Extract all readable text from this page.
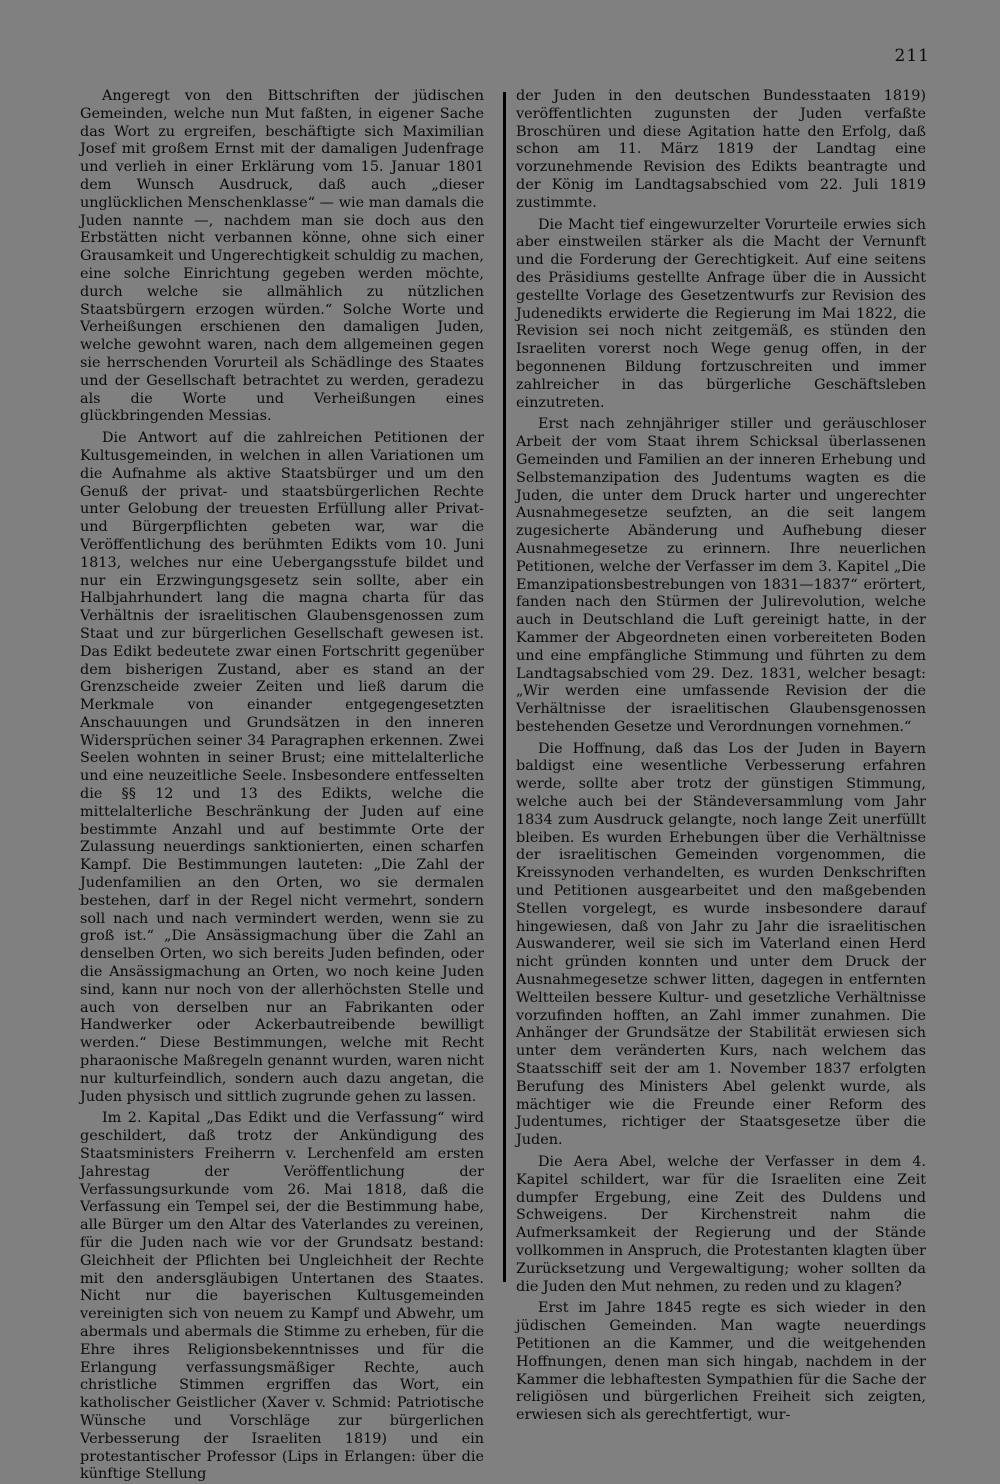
211

Angeregt von den Bittschriften der jüdischen Gemeinden, welche nun Mut faßten, in eigener Sache das Wort zu ergreifen, beschäftigte sich Maximilian Josef mit großem Ernst mit der damaligen Judenfrage und verlieh in einer Erklärung vom 15. Januar 1801 dem Wunsch Ausdruck, daß auch „dieser unglücklichen Menschenklasse“ — wie man damals die Juden nannte —, nachdem man sie doch aus den Erbstätten nicht verbannen könne, ohne sich einer Grausamkeit und Ungerechtigkeit schuldig zu machen, eine solche Einrichtung gegeben werden möchte, durch welche sie allmählich zu nützlichen Staatsbürgern erzogen würden.“ Solche Worte und Verheißungen erschienen den damaligen Juden, welche gewohnt waren, nach dem allgemeinen gegen sie herrschenden Vorurteil als Schädlinge des Staates und der Gesellschaft betrachtet zu werden, geradezu als die Worte und Verheißungen eines glückbringenden Messias.

Die Antwort auf die zahlreichen Petitionen der Kultusgemeinden, in welchen in allen Variationen um die Aufnahme als aktive Staatsbürger und um den Genuß der privat- und staatsbürgerlichen Rechte unter Gelobung der treuesten Erfüllung aller Privat- und Bürgerpflichten gebeten war, war die Veröffentlichung des berühmten Edikts vom 10. Juni 1813, welches nur eine Uebergangsstufe bildet und nur ein Erzwingungsgesetz sein sollte, aber ein Halbjahrhundert lang die magna charta für das Verhältnis der israelitischen Glaubensgenossen zum Staat und zur bürgerlichen Gesellschaft gewesen ist. Das Edikt bedeutete zwar einen Fortschritt gegenüber dem bisherigen Zustand, aber es stand an der Grenzscheide zweier Zeiten und ließ darum die Merkmale von einander entgegengesetzten Anschauungen und Grundsätzen in den inneren Widersprüchen seiner 34 Paragraphen erkennen. Zwei Seelen wohnten in seiner Brust; eine mittelalterliche und eine neuzeitliche Seele. Insbesondere entfesselten die §§ 12 und 13 des Edikts, welche die mittelalterliche Beschränkung der Juden auf eine bestimmte Anzahl und auf bestimmte Orte der Zulassung neuerdings sanktionierten, einen scharfen Kampf. Die Bestimmungen lauteten: „Die Zahl der Judenfamilien an den Orten, wo sie dermalen bestehen, darf in der Regel nicht vermehrt, sondern soll nach und nach vermindert werden, wenn sie zu groß ist.“ „Die Ansässigmachung über die Zahl an denselben Orten, wo sich bereits Juden befinden, oder die Ansässigmachung an Orten, wo noch keine Juden sind, kann nur noch von der allerhöchsten Stelle und auch von derselben nur an Fabrikanten oder Handwerker oder Ackerbautreibende bewilligt werden.“ Diese Bestimmungen, welche mit Recht pharaonische Maßregeln genannt wurden, waren nicht nur kulturfeindlich, sondern auch dazu angetan, die Juden physisch und sittlich zugrunde gehen zu lassen.

Im 2. Kapital „Das Edikt und die Verfassung“ wird geschildert, daß trotz der Ankündigung des Staatsministers Freiherrn v. Lerchenfeld am ersten Jahrestag der Veröffentlichung der Verfassungsurkunde vom 26. Mai 1818, daß die Verfassung ein Tempel sei, der die Bestimmung habe, alle Bürger um den Altar des Vaterlandes zu vereinen, für die Juden nach wie vor der Grundsatz bestand: Gleichheit der Pflichten bei Ungleichheit der Rechte mit den andersgläubigen Untertanen des Staates. Nicht nur die bayerischen Kultusgemeinden vereinigten sich von neuem zu Kampf und Abwehr, um abermals und abermals die Stimme zu erheben, für die Ehre ihres Religionsbekenntnisses und für die Erlangung verfassungsmäßiger Rechte, auch christliche Stimmen ergriffen das Wort, ein katholischer Geistlicher (Xaver v. Schmid: Patriotische Wünsche und Vorschläge zur bürgerlichen Verbesserung der Israeliten 1819) und ein protestantischer Professor (Lips in Erlangen: über die künftige Stellung

der Juden in den deutschen Bundesstaaten 1819) veröffentlichten zugunsten der Juden verfaßte Broschüren und diese Agitation hatte den Erfolg, daß schon am 11. März 1819 der Landtag eine vorzunehmende Revision des Edikts beantragte und der König im Landtagsabschied vom 22. Juli 1819 zustimmte.

Die Macht tief eingewurzelter Vorurteile erwies sich aber einstweilen stärker als die Macht der Vernunft und die Forderung der Gerechtigkeit. Auf eine seitens des Präsidiums gestellte Anfrage über die in Aussicht gestellte Vorlage des Gesetzentwurfs zur Revision des Judenedikts erwiderte die Regierung im Mai 1822, die Revision sei noch nicht zeitgemäß, es stünden den Israeliten vorerst noch Wege genug offen, in der begonnenen Bildung fortzuschreiten und immer zahlreicher in das bürgerliche Geschäftsleben einzutreten.

Erst nach zehnjähriger stiller und geräuschloser Arbeit der vom Staat ihrem Schicksal überlassenen Gemeinden und Familien an der inneren Erhebung und Selbstemanzipation des Judentums wagten es die Juden, die unter dem Druck harter und ungerechter Ausnahmegesetze seufzten, an die seit langem zugesicherte Abänderung und Aufhebung dieser Ausnahmegesetze zu erinnern. Ihre neuerlichen Petitionen, welche der Verfasser im dem 3. Kapitel „Die Emanzipationsbestrebungen von 1831—1837“ erörtert, fanden nach den Stürmen der Julirevolution, welche auch in Deutschland die Luft gereinigt hatte, in der Kammer der Abgeordneten einen vorbereiteten Boden und eine empfängliche Stimmung und führten zu dem Landtagsabschied vom 29. Dez. 1831, welcher besagt: „Wir werden eine umfassende Revision der die Verhältnisse der israelitischen Glaubensgenossen bestehenden Gesetze und Verordnungen vornehmen.“

Die Hoffnung, daß das Los der Juden in Bayern baldigst eine wesentliche Verbesserung erfahren werde, sollte aber trotz der günstigen Stimmung, welche auch bei der Ständeversammlung vom Jahr 1834 zum Ausdruck gelangte, noch lange Zeit unerfüllt bleiben. Es wurden Erhebungen über die Verhältnisse der israelitischen Gemeinden vorgenommen, die Kreissynoden verhandelten, es wurden Denkschriften und Petitionen ausgearbeitet und den maßgebenden Stellen vorgelegt, es wurde insbesondere darauf hingewiesen, daß von Jahr zu Jahr die israelitischen Auswanderer, weil sie sich im Vaterland einen Herd nicht gründen konnten und unter dem Druck der Ausnahmegesetze schwer litten, dagegen in entfernten Weltteilen bessere Kultur- und gesetzliche Verhältnisse vorzufinden hofften, an Zahl immer zunahmen. Die Anhänger der Grundsätze der Stabilität erwiesen sich unter dem veränderten Kurs, nach welchem das Staatsschiff seit der am 1. November 1837 erfolgten Berufung des Ministers Abel gelenkt wurde, als mächtiger wie die Freunde einer Reform des Judentumes, richtiger der Staatsgesetze über die Juden.

Die Aera Abel, welche der Verfasser in dem 4. Kapitel schildert, war für die Israeliten eine Zeit dumpfer Ergebung, eine Zeit des Duldens und Schweigens. Der Kirchenstreit nahm die Aufmerksamkeit der Regierung und der Stände vollkommen in Anspruch, die Protestanten klagten über Zurücksetzung und Vergewaltigung; woher sollten da die Juden den Mut nehmen, zu reden und zu klagen?

Erst im Jahre 1845 regte es sich wieder in den jüdischen Gemeinden. Man wagte neuerdings Petitionen an die Kammer, und die weitgehenden Hoffnungen, denen man sich hingab, nachdem in der Kammer die lebhaftesten Sympathien für die Sache der religiösen und bürgerlichen Freiheit sich zeigten, erwiesen sich als gerechtfertigt, wur-
